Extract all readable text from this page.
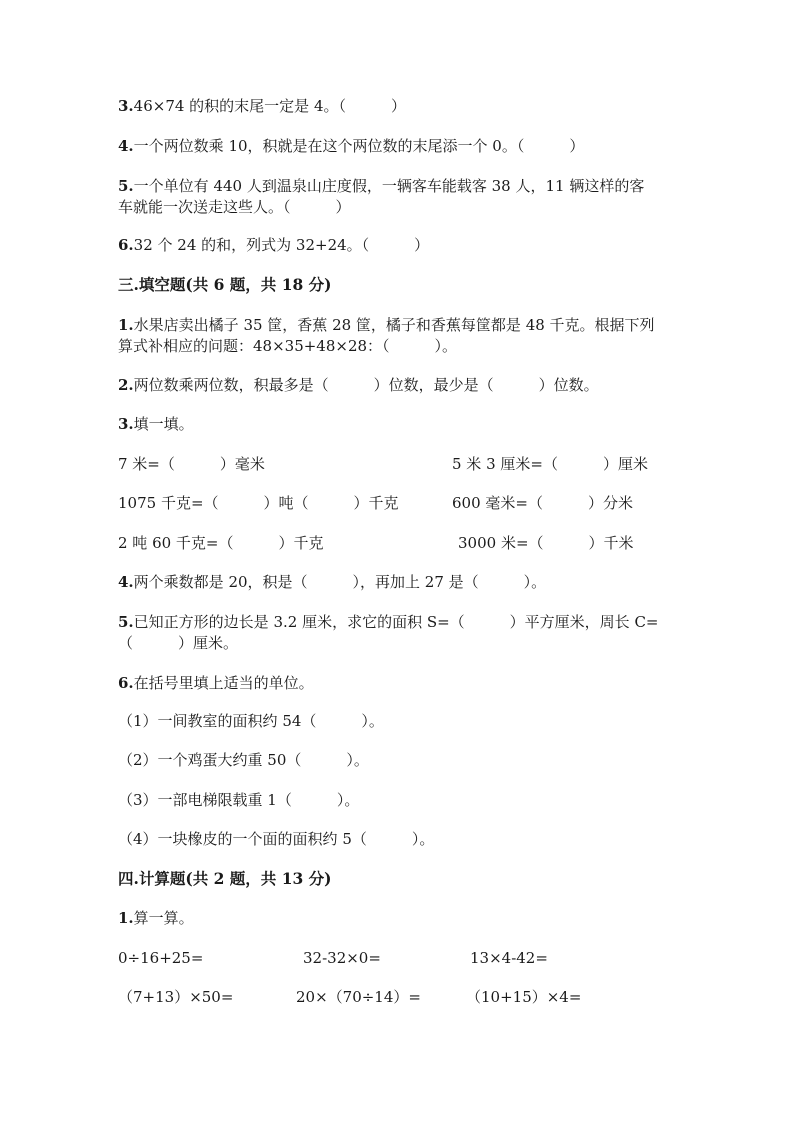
3.46×74 的积的末尾一定是 4。（　　　）
4.一个两位数乘 10，积就是在这个两位数的末尾添一个 0。（　　　）
5.一个单位有 440 人到温泉山庄度假，一辆客车能载客 38 人，11 辆这样的客
车就能一次送走这些人。（　　　）
6.32 个 24 的和，列式为 32+24。（　　　）
三.填空题(共 6 题，共 18 分)
1.水果店卖出橘子 35 筐，香蕉 28 筐，橘子和香蕉每筐都是 48 千克。根据下列
算式补相应的问题：48×35+48×28：（　　　）。
2.两位数乘两位数，积最多是（　　　）位数，最少是（　　　）位数。
3.填一填。
7 米=（　　　）毫米	5 米 3 厘米=（　　　）厘米
1075 千克=（　　　）吨（　　　）千克	600 毫米=（　　　）分米
2 吨 60 千克=（　　　）千克	3000 米=（　　　）千米
4.两个乘数都是 20，积是（　　　），再加上 27 是（　　　）。
5.已知正方形的边长是 3.2 厘米，求它的面积 S=（　　　）平方厘米，周长 C=
（　　　）厘米。
6.在括号里填上适当的单位。
（1）一间教室的面积约 54（　　　）。
（2）一个鸡蛋大约重 50（　　　）。
（3）一部电梯限载重 1（　　　）。
（4）一块橡皮的一个面的面积约 5（　　　）。
四.计算题(共 2 题，共 13 分)
1.算一算。
0÷16+25=	32-32×0=	13×4-42=
（7+13）×50=	20×（70÷14）=	（10+15）×4=
